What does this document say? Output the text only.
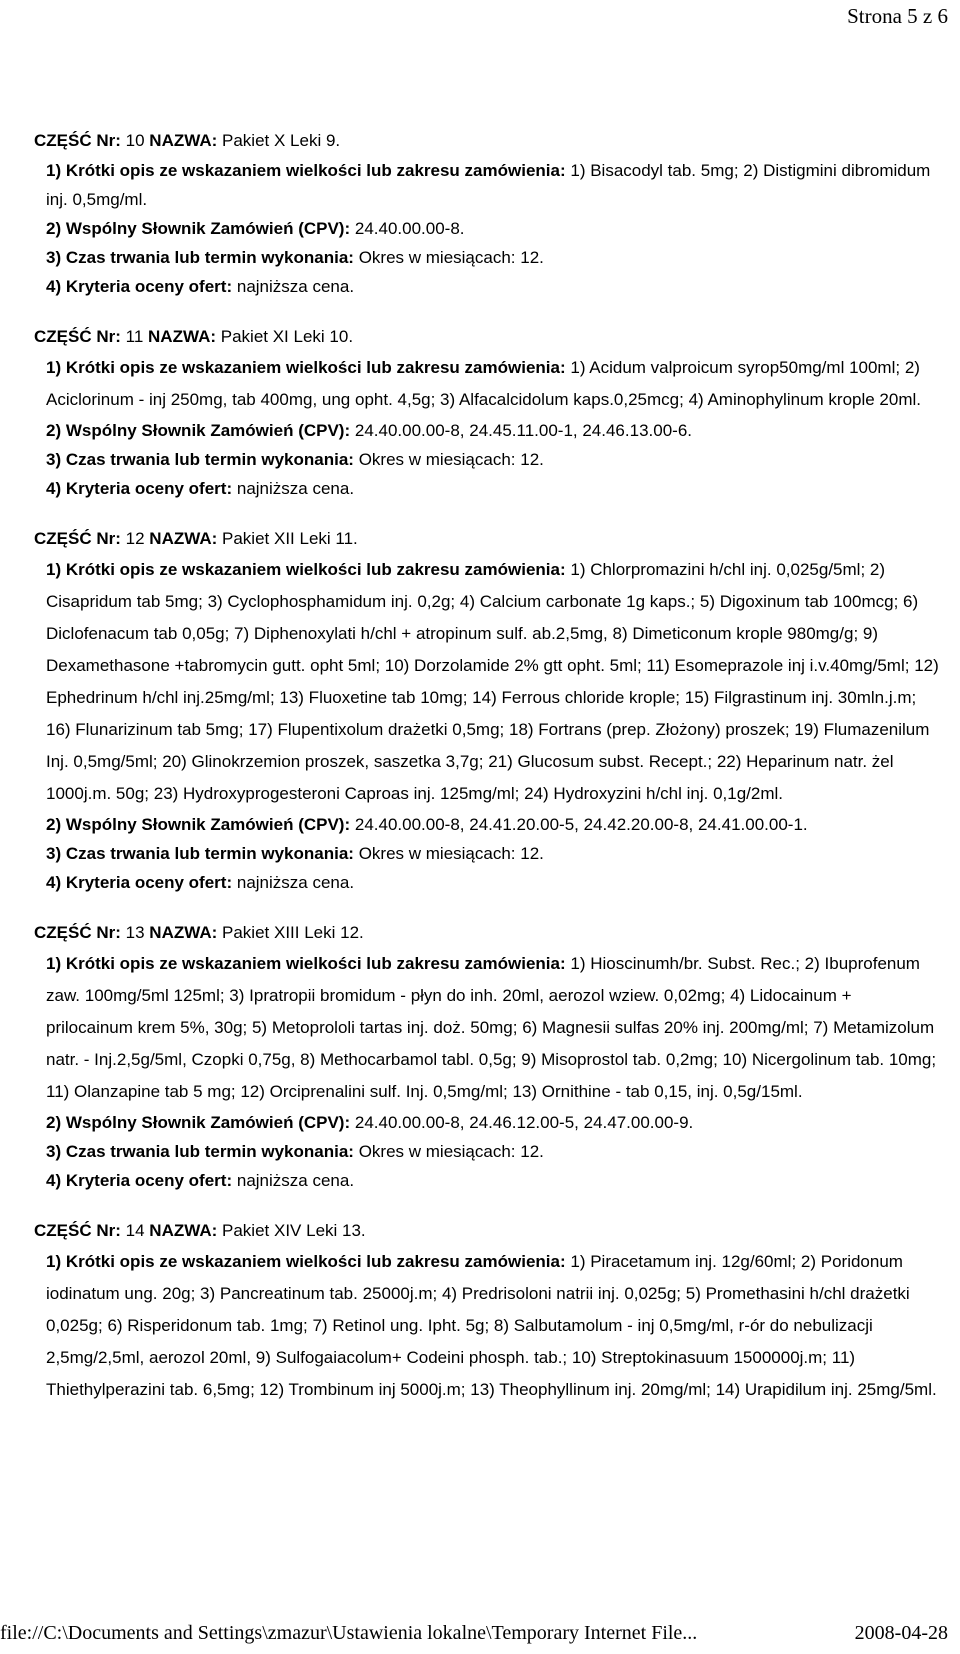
Strona 5 z 6
CZĘŚĆ Nr: 10 NAZWA: Pakiet X Leki 9.
1) Krótki opis ze wskazaniem wielkości lub zakresu zamówienia: 1) Bisacodyl tab. 5mg; 2) Distigmini dibromidum inj. 0,5mg/ml.
2) Wspólny Słownik Zamówień (CPV): 24.40.00.00-8.
3) Czas trwania lub termin wykonania: Okres w miesiącach: 12.
4) Kryteria oceny ofert: najniższa cena.
CZĘŚĆ Nr: 11 NAZWA: Pakiet XI Leki 10.
1) Krótki opis ze wskazaniem wielkości lub zakresu zamówienia: 1) Acidum valproicum syrop50mg/ml 100ml; 2) Aciclorinum - inj 250mg, tab 400mg, ung opht. 4,5g; 3) Alfacalcidolum kaps.0,25mcg; 4) Aminophylinum krople 20ml.
2) Wspólny Słownik Zamówień (CPV): 24.40.00.00-8, 24.45.11.00-1, 24.46.13.00-6.
3) Czas trwania lub termin wykonania: Okres w miesiącach: 12.
4) Kryteria oceny ofert: najniższa cena.
CZĘŚĆ Nr: 12 NAZWA: Pakiet XII Leki 11.
1) Krótki opis ze wskazaniem wielkości lub zakresu zamówienia: 1) Chlorpromazini h/chl inj. 0,025g/5ml; 2) Cisapridum tab 5mg; 3) Cyclophosphamidum inj. 0,2g; 4) Calcium carbonate 1g kaps.; 5) Digoxinum tab 100mcg; 6) Diclofenacum tab 0,05g; 7) Diphenoxylati h/chl + atropinum sulf. ab.2,5mg, 8) Dimeticonum krople 980mg/g; 9) Dexamethasone +tabromycin gutt. opht 5ml; 10) Dorzolamide 2% gtt opht. 5ml; 11) Esomeprazole inj i.v.40mg/5ml; 12) Ephedrinum h/chl inj.25mg/ml; 13) Fluoxetine tab 10mg; 14) Ferrous chloride krople; 15) Filgrastinum inj. 30mln.j.m; 16) Flunarizinum tab 5mg; 17) Flupentixolum drażetki 0,5mg; 18) Fortrans (prep. Złożony) proszek; 19) Flumazenilum Inj. 0,5mg/5ml; 20) Glinokrzemion proszek, saszetka 3,7g; 21) Glucosum subst. Recept.; 22) Heparinum natr. żel 1000j.m. 50g; 23) Hydroxyprogesteroni Caproas inj. 125mg/ml; 24) Hydroxyzini h/chl inj. 0,1g/2ml.
2) Wspólny Słownik Zamówień (CPV): 24.40.00.00-8, 24.41.20.00-5, 24.42.20.00-8, 24.41.00.00-1.
3) Czas trwania lub termin wykonania: Okres w miesiącach: 12.
4) Kryteria oceny ofert: najniższa cena.
CZĘŚĆ Nr: 13 NAZWA: Pakiet XIII Leki 12.
1) Krótki opis ze wskazaniem wielkości lub zakresu zamówienia: 1) Hioscinumh/br. Subst. Rec.; 2) Ibuprofenum zaw. 100mg/5ml 125ml; 3) Ipratropii bromidum - płyn do inh. 20ml, aerozol wziew. 0,02mg; 4) Lidocainum + prilocainum krem 5%, 30g; 5) Metoprololi tartas inj. doż. 50mg; 6) Magnesii sulfas 20% inj. 200mg/ml; 7) Metamizolum natr. - Inj.2,5g/5ml, Czopki 0,75g, 8) Methocarbamol tabl. 0,5g; 9) Misoprostol tab. 0,2mg; 10) Nicergolinum tab. 10mg; 11) Olanzapine tab 5 mg; 12) Orciprenalini sulf. Inj. 0,5mg/ml; 13) Ornithine - tab 0,15, inj. 0,5g/15ml.
2) Wspólny Słownik Zamówień (CPV): 24.40.00.00-8, 24.46.12.00-5, 24.47.00.00-9.
3) Czas trwania lub termin wykonania: Okres w miesiącach: 12.
4) Kryteria oceny ofert: najniższa cena.
CZĘŚĆ Nr: 14 NAZWA: Pakiet XIV Leki 13.
1) Krótki opis ze wskazaniem wielkości lub zakresu zamówienia: 1) Piracetamum inj. 12g/60ml; 2) Poridonum iodinatum ung. 20g; 3) Pancreatinum tab. 25000j.m; 4) Predrisoloni natrii inj. 0,025g; 5) Promethasini h/chl drażetki 0,025g; 6) Risperidonum tab. 1mg; 7) Retinol ung. Ipht. 5g; 8) Salbutamolum - inj 0,5mg/ml, r-ór do nebulizacji 2,5mg/2,5ml, aerozol 20ml, 9) Sulfogaiacolum+ Codeini phosph. tab.; 10) Streptokinasuum 1500000j.m; 11) Thiethylperazini tab. 6,5mg; 12) Trombinum inj 5000j.m; 13) Theophyllinum inj. 20mg/ml; 14) Urapidilum inj. 25mg/5ml.
file://C:\Documents and Settings\zmazur\Ustawienia lokalne\Temporary Internet File...	2008-04-28
